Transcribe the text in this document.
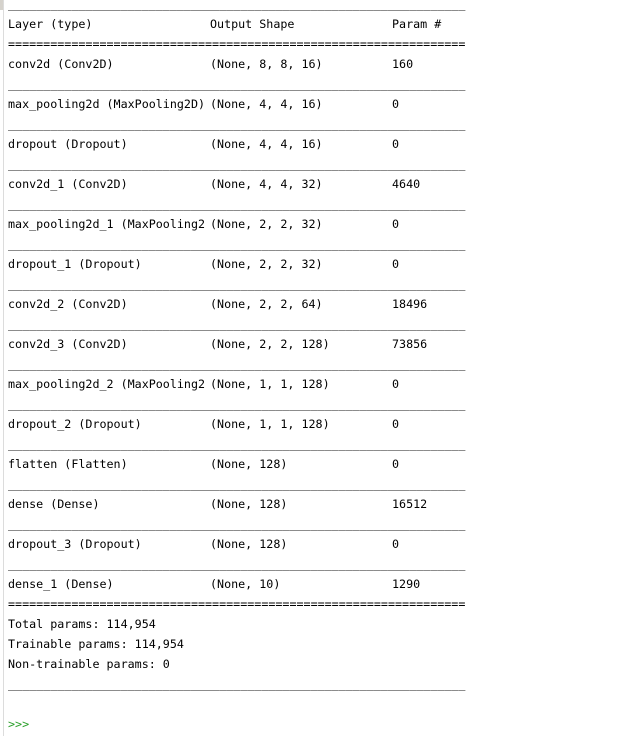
_________________________________________________________________
Layer (type)	Output Shape	Param #
=================================================================
conv2d (Conv2D)	(None, 8, 8, 16)	160
_________________________________________________________________
max_pooling2d (MaxPooling2D) (None, 4, 4, 16)	0
_________________________________________________________________
dropout (Dropout)	(None, 4, 4, 16)	0
_________________________________________________________________
conv2d_1 (Conv2D)	(None, 4, 4, 32)	4640
_________________________________________________________________
max_pooling2d_1 (MaxPooling2 (None, 2, 2, 32)	0
_________________________________________________________________
dropout_1 (Dropout)	(None, 2, 2, 32)	0
_________________________________________________________________
conv2d_2 (Conv2D)	(None, 2, 2, 64)	18496
_________________________________________________________________
conv2d_3 (Conv2D)	(None, 2, 2, 128)	73856
_________________________________________________________________
max_pooling2d_2 (MaxPooling2 (None, 1, 1, 128)	0
_________________________________________________________________
dropout_2 (Dropout)	(None, 1, 1, 128)	0
_________________________________________________________________
flatten (Flatten)	(None, 128)	0
_________________________________________________________________
dense (Dense)	(None, 128)	16512
_________________________________________________________________
dropout_3 (Dropout)	(None, 128)	0
_________________________________________________________________
dense_1 (Dense)	(None, 10)	1290
=================================================================
Total params: 114,954
Trainable params: 114,954
Non-trainable params: 0
_________________________________________________________________
>>>
